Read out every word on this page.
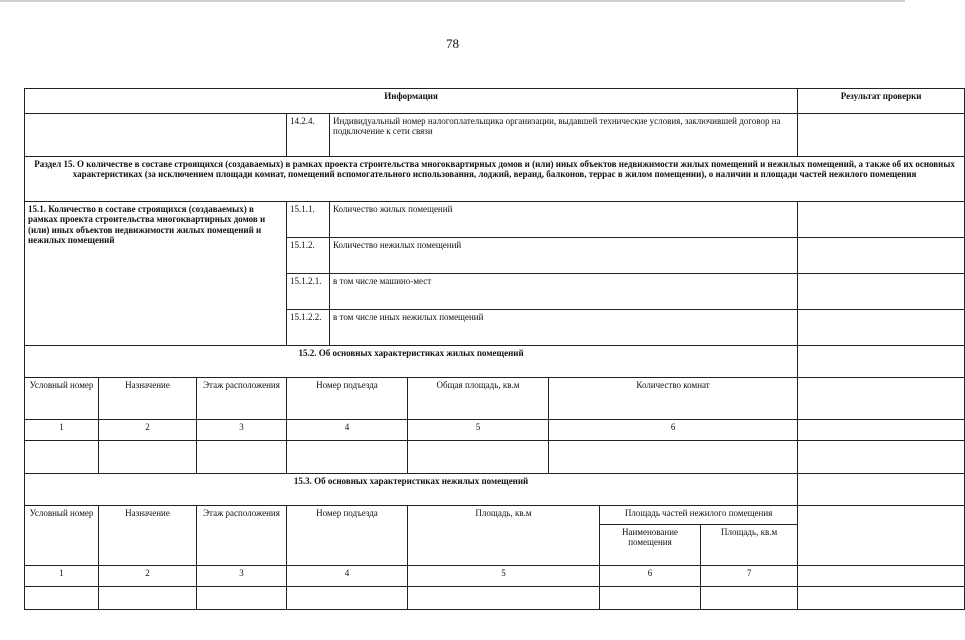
78
Информация									Результат проверки
			14.2.4.	Индивидуальный номер налогоплательщика организации, выдавшей технические условия, заключившей договор на подключение к сети связи					
Раздел 15. О количестве в составе строящихся (создаваемых) в рамках проекта строительства многоквартирных домов и (или) иных объектов недвижимости жилых помещений и нежилых помещений, а также об их основных характеристиках (за исключением площади комнат, помещений вспомогательного использования, лоджий, веранд, балконов, террас в жилом помещении), о наличии и площади частей нежилого помещения									
15.1. Количество в составе строящихся (создаваемых) в рамках проекта строительства многоквартирных домов и (или) иных объектов недвижимости жилых помещений и нежилых помещений			15.1.1.	Количество жилых помещений					
			15.1.2.	Количество нежилых помещений					
			15.1.2.1.	в том числе машино-мест					
			15.1.2.2.	в том числе иных нежилых помещений					
15.2. Об основных характеристиках жилых помещений									
Условный номер	Назначение	Этаж расположения	Номер подъезда		Общая площадь, кв.м	Количество комнат			
1	2	3	4		5	6			

15.3. Об основных характеристиках нежилых помещений									
Условный номер	Назначение	Этаж расположения	Номер подъезда		Площадь, кв.м		Площадь частей нежилого помещения		
							Наименование помещения	Площадь, кв.м	
1	2	3	4		5		6	7	
